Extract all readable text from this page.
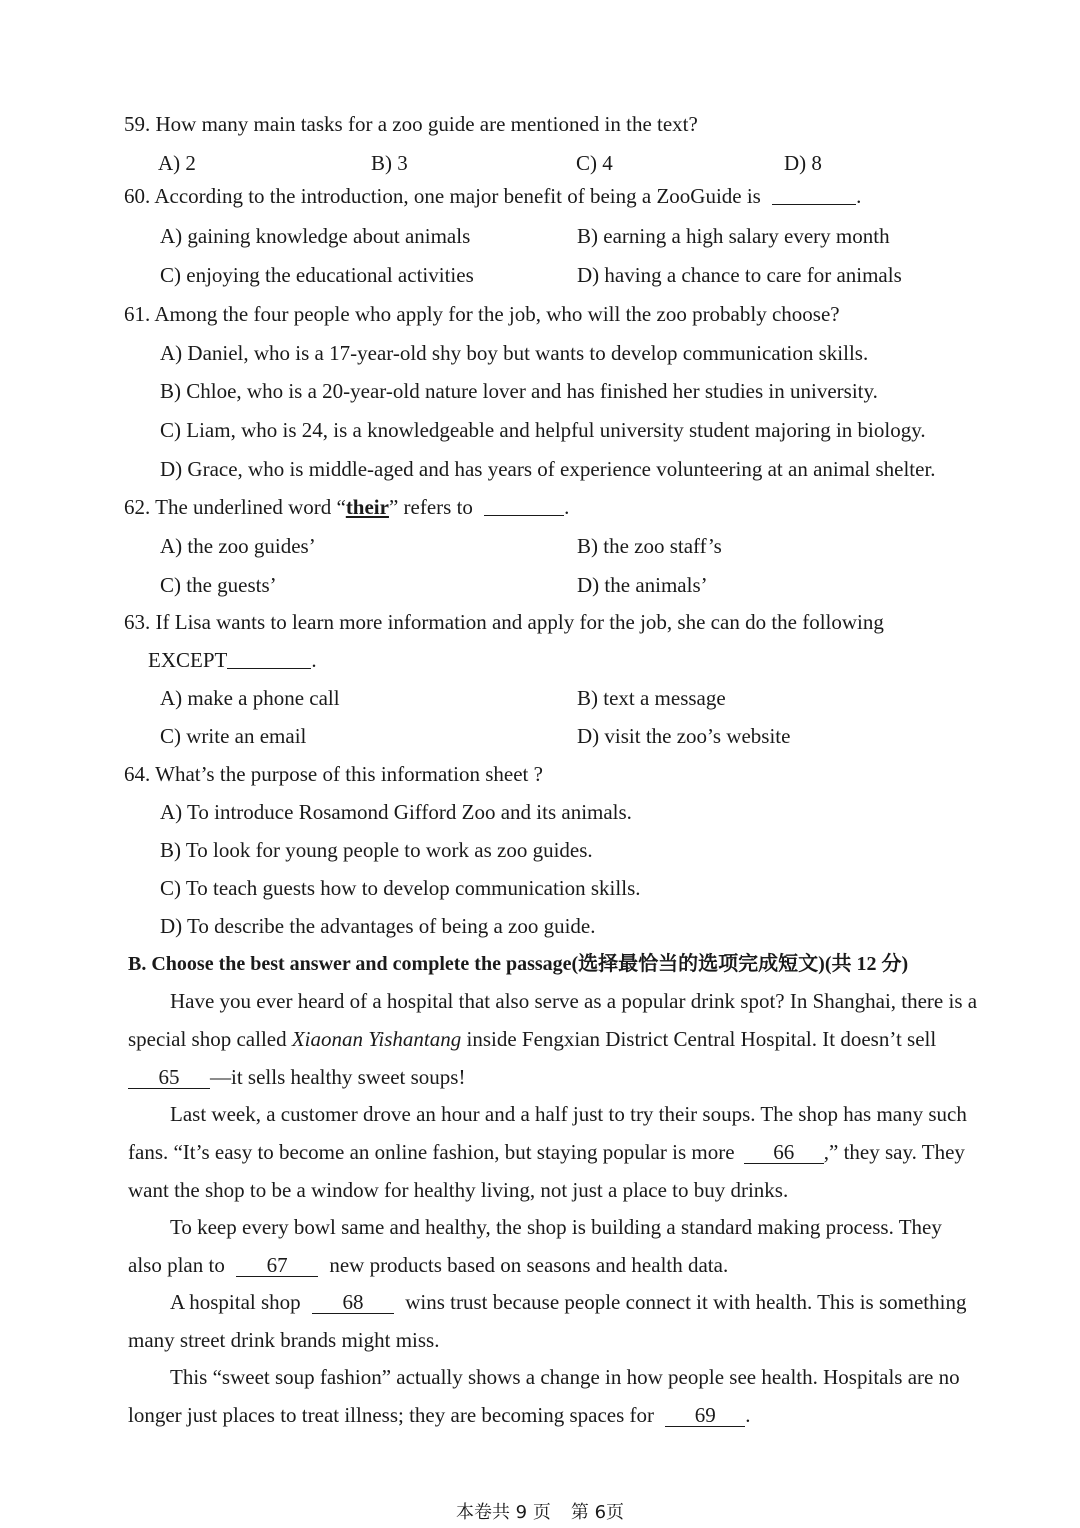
59. How many main tasks for a zoo guide are mentioned in the text?
A) 2	B) 3	C) 4	D) 8
60. According to the introduction, one major benefit of being a ZooGuide is	.
A) gaining knowledge about animals	B) earning a high salary every month
C) enjoying the educational activities	D) having a chance to care for animals
61. Among the four people who apply for the job, who will the zoo probably choose?
A) Daniel, who is a 17-year-old shy boy but wants to develop communication skills.
B) Chloe, who is a 20-year-old nature lover and has finished her studies in university.
C) Liam, who is 24, is a knowledgeable and helpful university student majoring in biology.
D) Grace, who is middle-aged and has years of experience volunteering at an animal shelter.
62. The underlined word “their” refers to	.
A) the zoo guides’	B) the zoo staff’s
C) the guests’	D) the animals’
63. If Lisa wants to learn more information and apply for the job, she can do the following
EXCEPT	.
A) make a phone call	B) text a message
C) write an email	D) visit the zoo’s website
64. What’s the purpose of this information sheet ?
A) To introduce Rosamond Gifford Zoo and its animals.
B) To look for young people to work as zoo guides.
C) To teach guests how to develop communication skills.
D) To describe the advantages of being a zoo guide.
B. Choose the best answer and complete the passage(选择最恰当的选项完成短文)(共 12 分)
Have you ever heard of a hospital that also serve as a popular drink spot? In Shanghai, there is a
special shop called Xiaonan Yishantang inside Fengxian District Central Hospital. It doesn’t sell
65 —it sells healthy sweet soups!
Last week, a customer drove an hour and a half just to try their soups. The shop has many such
fans. “It’s easy to become an online fashion, but staying popular is more 66 ,” they say. They
want the shop to be a window for healthy living, not just a place to buy drinks.
To keep every bowl same and healthy, the shop is building a standard making process. They
also plan to 67 new products based on seasons and health data.
A hospital shop 68 wins trust because people connect it with health. This is something
many street drink brands might miss.
This “sweet soup fashion” actually shows a change in how people see health. Hospitals are no
longer just places to treat illness; they are becoming spaces for 69 .
本卷共 9 页 第 6页
